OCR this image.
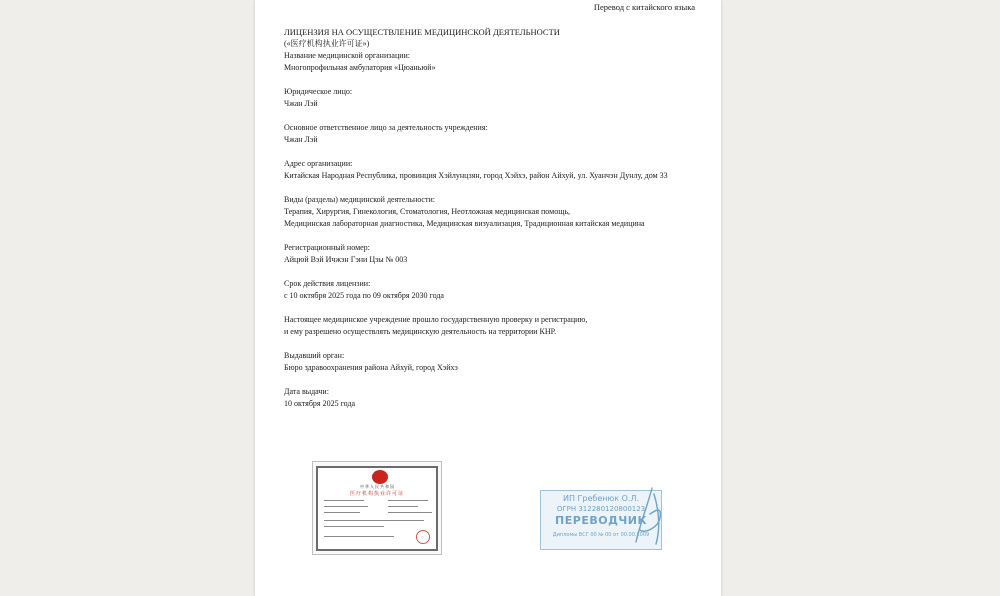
Перевод с китайского языка
ЛИЦЕНЗИЯ НА ОСУЩЕСТВЛЕНИЕ МЕДИЦИНСКОЙ ДЕЯТЕЛЬНОСТИ
(«医疗机构执业许可证»)
Название медицинской организации:
Многопрофильная амбулатория «Цюаньюй»
Юридическое лицо:
Чжан Лэй
Основное ответственное лицо за деятельность учреждения:
Чжан Лэй
Адрес организации:
Китайская Народная Республика, провинция Хэйлунцзян, город Хэйхэ, район Айхуй, ул. Хуанчэн Дунлу, дом 33
Виды (разделы) медицинской деятельности:
Терапия, Хирургия, Гинекология, Стоматология, Неотложная медицинская помощь,
Медицинская лабораторная диагностика, Медицинская визуализация, Традиционная китайская медицина
Регистрационный номер:
Айцюй Вэй Ичжэн Гэни Цзы № 003
Срок действия лицензии:
с 10 октября 2025 года по 09 октября 2030 года
Настоящее медицинское учреждение прошло государственную проверку и регистрацию,
и ему разрешено осуществлять медицинскую деятельность на территории КНР.
Выдавший орган:
Бюро здравоохранения района Айхуй, город Хэйхэ
Дата выдачи:
10 октября 2025 года
中 华 人 民 共 和 国
医疗机构执业许可证	ИП Гребенюк О.Л.
ОГРН 312280120800123
ПЕРЕВОДЧИК
Дипломы ВСГ 00 № 00 от 00.00.2009
